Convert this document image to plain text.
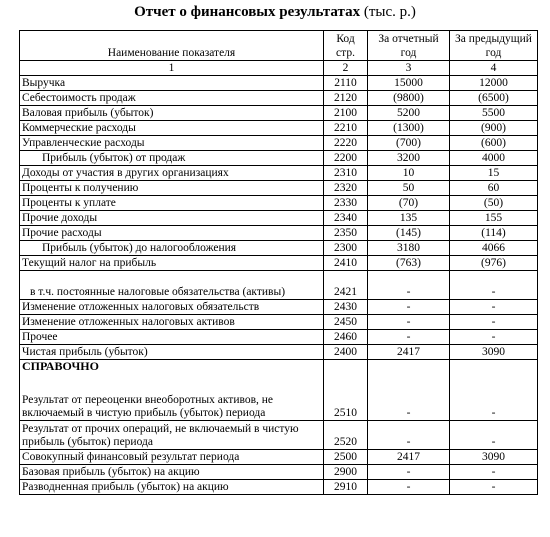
Отчет о финансовых результатах (тыс. р.)
Наименование показателя	Код стр.	За отчетный год	За предыдущий год
1	2	3	4
Выручка	2110	15000	12000
Себестоимость продаж	2120	(9800)	(6500)
Валовая прибыль (убыток)	2100	5200	5500
Коммерческие расходы	2210	(1300)	(900)
Управленческие расходы	2220	(700)	(600)
Прибыль (убыток) от продаж	2200	3200	4000
Доходы от участия в других организациях	2310	10	15
Проценты к получению	2320	50	60
Проценты к уплате	2330	(70)	(50)
Прочие доходы	2340	135	155
Прочие расходы	2350	(145)	(114)
Прибыль (убыток) до налогообложения	2300	3180	4066
Текущий налог на прибыль	2410	(763)	(976)
в т.ч. постоянные налоговые обязательства (активы)	2421	-	-
Изменение отложенных налоговых обязательств	2430	-	-
Изменение отложенных налоговых активов	2450	-	-
Прочее	2460	-	-
Чистая прибыль (убыток)	2400	2417	3090

СПРАВОЧНО
Результат от переоценки внеоборотных активов, не включаемый в чистую прибыль (убыток) периода	2510	-	-
Результат от прочих операций, не включаемый в чистую прибыль (убыток) периода	2520	-	-
Совокупный финансовый результат периода	2500	2417	3090
Базовая прибыль (убыток) на акцию	2900	-	-
Разводненная прибыль (убыток) на акцию	2910	-	-
